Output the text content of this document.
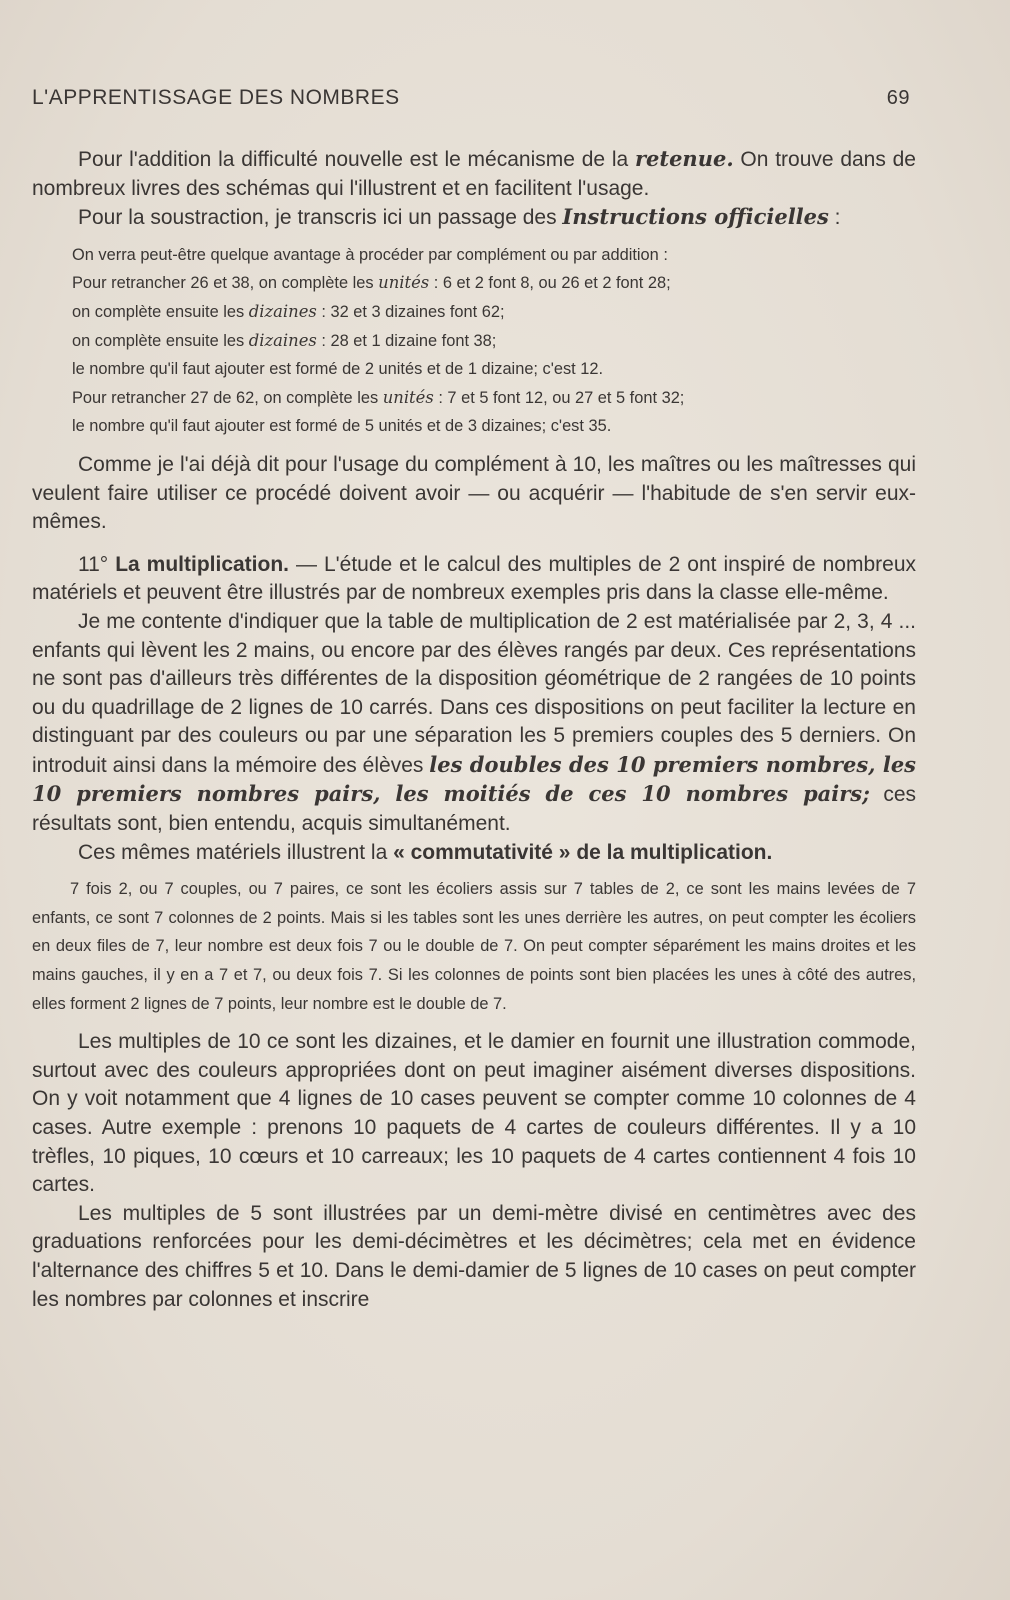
L'APPRENTISSAGE DES NOMBRES	69

Pour l'addition la difficulté nouvelle est le mécanisme de la retenue. On trouve dans de nombreux livres des schémas qui l'illustrent et en facilitent l'usage.

Pour la soustraction, je transcris ici un passage des Instructions officielles :

On verra peut-être quelque avantage à procéder par complément ou par addition :

Pour retrancher 26 et 38, on complète les unités : 6 et 2 font 8, ou 26 et 2 font 28;

on complète ensuite les dizaines : 32 et 3 dizaines font 62;

on complète ensuite les dizaines : 28 et 1 dizaine font 38;

le nombre qu'il faut ajouter est formé de 2 unités et de 1 dizaine; c'est 12.

Pour retrancher 27 de 62, on complète les unités : 7 et 5 font 12, ou 27 et 5 font 32;

le nombre qu'il faut ajouter est formé de 5 unités et de 3 dizaines; c'est 35.

Comme je l'ai déjà dit pour l'usage du complément à 10, les maîtres ou les maîtresses qui veulent faire utiliser ce procédé doivent avoir — ou acquérir — l'habitude de s'en servir eux-mêmes.

11° La multiplication. — L'étude et le calcul des multiples de 2 ont inspiré de nombreux matériels et peuvent être illustrés par de nombreux exemples pris dans la classe elle-même.

Je me contente d'indiquer que la table de multiplication de 2 est matérialisée par 2, 3, 4 ... enfants qui lèvent les 2 mains, ou encore par des élèves rangés par deux. Ces représentations ne sont pas d'ailleurs très différentes de la disposition géométrique de 2 rangées de 10 points ou du quadrillage de 2 lignes de 10 carrés. Dans ces dispositions on peut faciliter la lecture en distinguant par des couleurs ou par une séparation les 5 premiers couples des 5 derniers. On introduit ainsi dans la mémoire des élèves les doubles des 10 premiers nombres, les 10 premiers nombres pairs, les moitiés de ces 10 nombres pairs; ces résultats sont, bien entendu, acquis simultanément.

Ces mêmes matériels illustrent la « commutativité » de la multiplication.

7 fois 2, ou 7 couples, ou 7 paires, ce sont les écoliers assis sur 7 tables de 2, ce sont les mains levées de 7 enfants, ce sont 7 colonnes de 2 points. Mais si les tables sont les unes derrière les autres, on peut compter les écoliers en deux files de 7, leur nombre est deux fois 7 ou le double de 7. On peut compter séparément les mains droites et les mains gauches, il y en a 7 et 7, ou deux fois 7. Si les colonnes de points sont bien placées les unes à côté des autres, elles forment 2 lignes de 7 points, leur nombre est le double de 7.

Les multiples de 10 ce sont les dizaines, et le damier en fournit une illustration commode, surtout avec des couleurs appropriées dont on peut imaginer aisément diverses dispositions. On y voit notamment que 4 lignes de 10 cases peuvent se compter comme 10 colonnes de 4 cases. Autre exemple : prenons 10 paquets de 4 cartes de couleurs différentes. Il y a 10 trèfles, 10 piques, 10 cœurs et 10 carreaux; les 10 paquets de 4 cartes contiennent 4 fois 10 cartes.

Les multiples de 5 sont illustrées par un demi-mètre divisé en centimètres avec des graduations renforcées pour les demi-décimètres et les décimètres; cela met en évidence l'alternance des chiffres 5 et 10. Dans le demi-damier de 5 lignes de 10 cases on peut compter les nombres par colonnes et inscrire
